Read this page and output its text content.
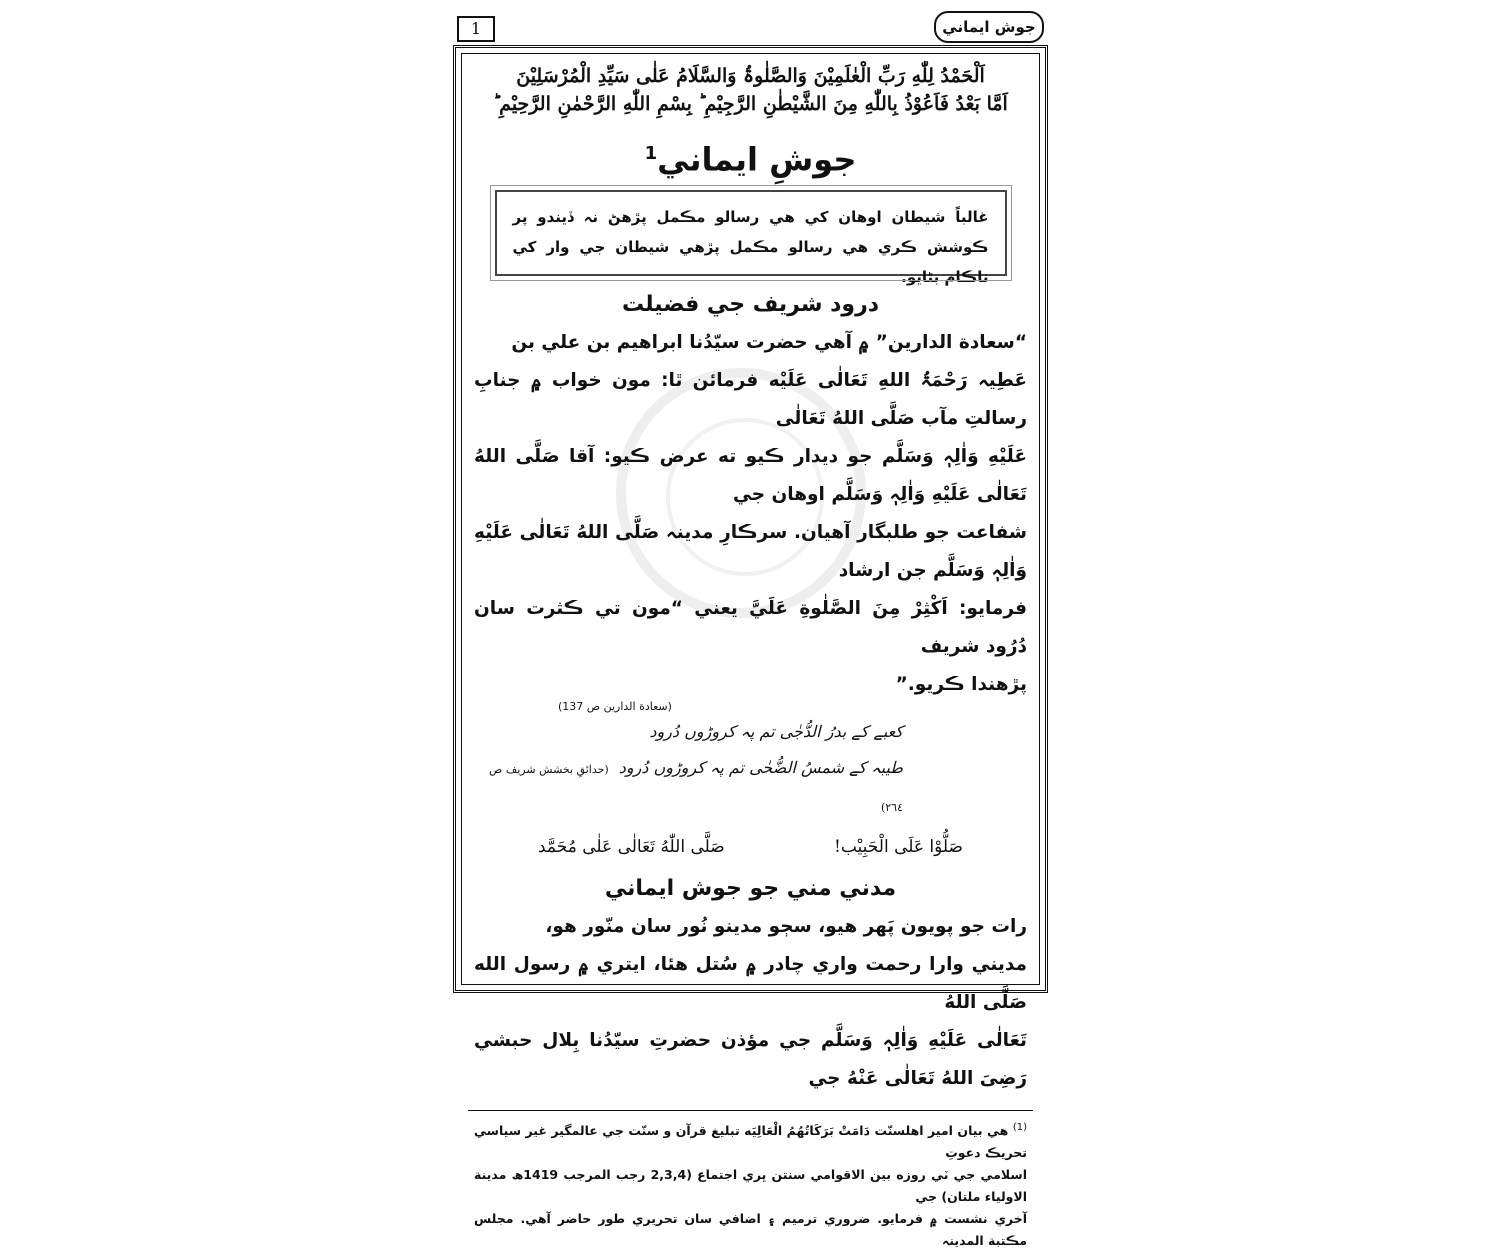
1	جوش ايماني
اَلْحَمْدُ لِلّٰهِ رَبِّ الْعٰلَمِیْنَ وَالصَّلٰوۃُ وَالسَّلَامُ عَلٰی سَیِّدِ الْمُرْسَلِیْنَ
اَمَّا بَعْدُ فَاَعُوْذُ بِاللّٰهِ مِنَ الشَّیْطٰنِ الرَّجِیْمِ ؕ بِسْمِ اللّٰهِ الرَّحْمٰنِ الرَّحِیْمِ ؕ
جوشِ ايماني$^1$
غالباً شيطان اوهان کي هي رسالو مڪمل پڙهڻ نہ ڏيندو پر ڪوشش ڪري هي رسالو مڪمل پڙهي شيطان جي وار کي ناڪام بڻايو.
درود شريف جي فضيلت

“سعادة الدارين” ۾ آهي حضرت سيّدُنا ابراهيم بن علي بن

عَطِيہ رَحْمَۃُ اللهِ تَعَالٰی عَلَیْه فرمائن ٿا: مون خواب ۾ جنابِ رسالتِ مآب صَلَّی اللهُ تَعَالٰی

عَلَيْهِ وَاٰلِہٖ وَسَلَّم جو ديدار ڪيو ته عرض ڪيو: آقا صَلَّی اللهُ تَعَالٰی عَلَيْهِ وَاٰلِہٖ وَسَلَّم اوهان جي

شفاعت جو طلبگار آهيان. سرڪارِ مدينہ صَلَّی اللهُ تَعَالٰی عَلَيْهِ وَاٰلِہٖ وَسَلَّم جن ارشاد

فرمايو: اَكْثِرْ مِنَ الصَّلٰوةِ عَلَيَّ يعني “مون تي ڪثرت سان دُرُود شريف

پڙهندا ڪريو.”

(سعادة الدارين ص 137)
کعبے کے بدرُ الدُّجٰی تم پہ کروڑوں دُرود
طیبہ کے شمسُ الضُّحٰی تم پہ کروڑوں دُرود(حدائقِ بخشش شریف ص ٢٦٤)
صَلُّوْا عَلَی الْحَبِیْب!
صَلَّی اللّٰهُ تَعَالٰی عَلٰی مُحَمَّد
مدني مني جو جوش ايماني

رات جو پويون پَهر هيو، سڄو مدينو نُور سان منّور هو،

مديني وارا رحمت واري چادر ۾ سُتل هئا، ايتري ۾ رسول الله صَلَّی اللهُ

تَعَالٰی عَلَيْهِ وَاٰلِہٖ وَسَلَّم جي مؤذن حضرتِ سيّدُنا بِلال حبشي رَضِیَ اللهُ تَعَالٰی عَنْهُ جي

$^{(1)}$ هي بيان امير اهلسنّت دَامَتْ بَرَكَاتُهُمُ الْعَالِيَه تبليغ قرآن و سنّت جي عالمگير غير سياسي تحريڪ دعوتِ
اسلامي جي ٽي روزه بين الاقوامي سنتن ڀري اجتماع (2,3,4 رجب المرجب 1419ھ مدينة الاولياء ملتان) جي
آخري نشست ۾ فرمايو. ضروري ترميم ۽ اضافي سان تحريري طور حاضر آهي. مجلس مڪتبة المدينہ
